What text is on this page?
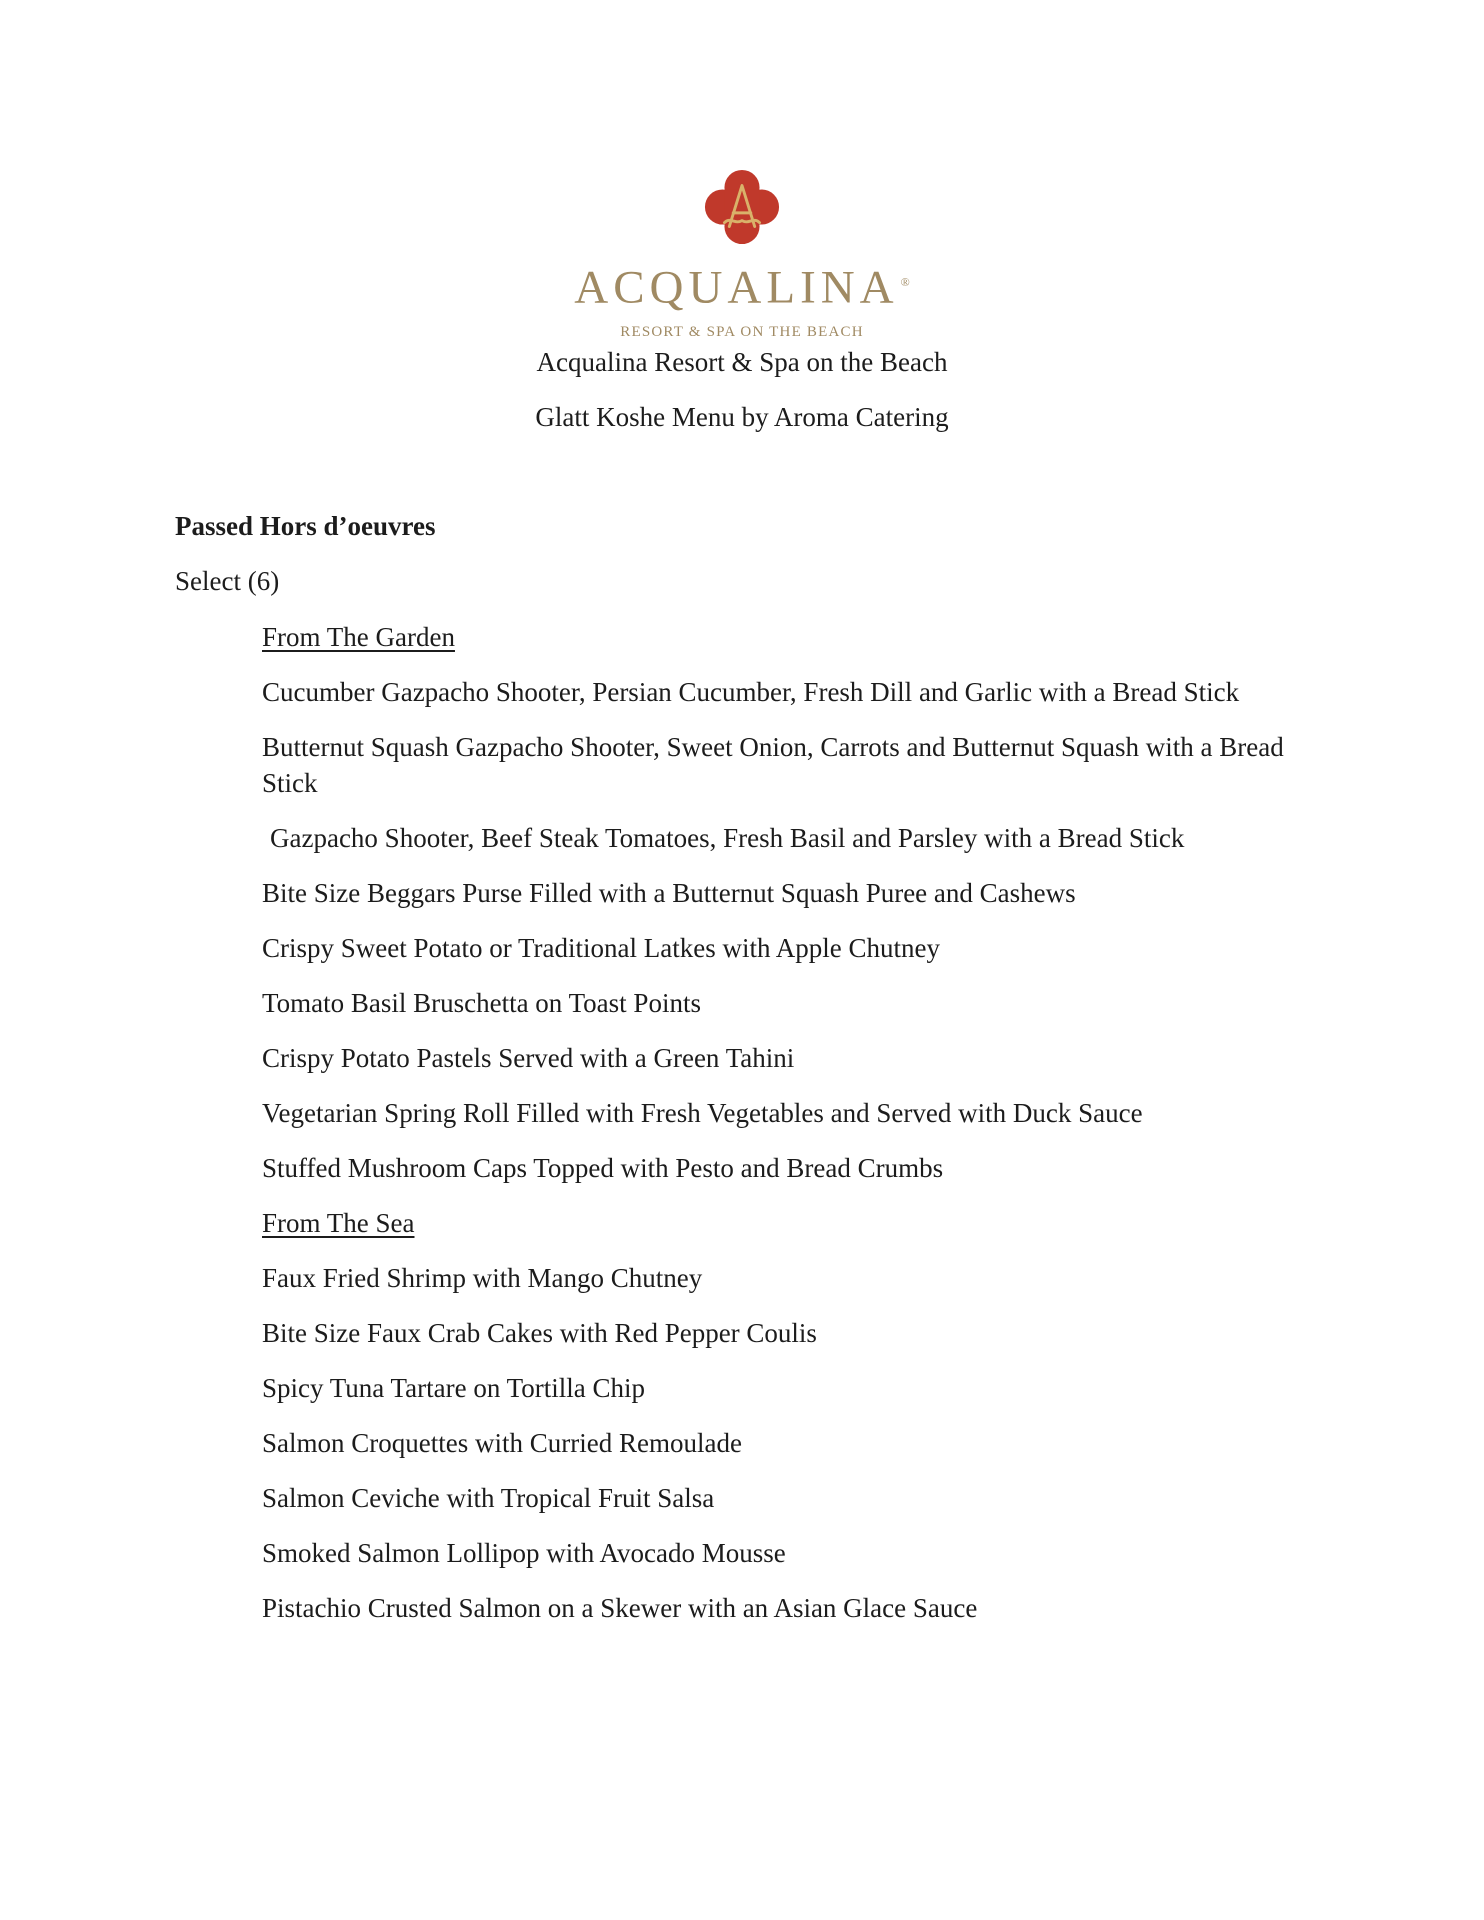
ACQUALINA ®
RESORT & SPA ON THE BEACH
Acqualina Resort & Spa on the Beach
Glatt Koshe Menu by Aroma Catering
Passed Hors d’oeuvres
Select (6)
From The Garden
Cucumber Gazpacho Shooter, Persian Cucumber, Fresh Dill and Garlic with a Bread Stick
Butternut Squash Gazpacho Shooter, Sweet Onion, Carrots and Butternut Squash with a Bread Stick
Gazpacho Shooter, Beef Steak Tomatoes, Fresh Basil and Parsley with a Bread Stick
Bite Size Beggars Purse Filled with a Butternut Squash Puree and Cashews
Crispy Sweet Potato or Traditional Latkes with Apple Chutney
Tomato Basil Bruschetta on Toast Points
Crispy Potato Pastels Served with a Green Tahini
Vegetarian Spring Roll Filled with Fresh Vegetables and Served with Duck Sauce
Stuffed Mushroom Caps Topped with Pesto and Bread Crumbs
From The Sea
Faux Fried Shrimp with Mango Chutney
Bite Size Faux Crab Cakes with Red Pepper Coulis
Spicy Tuna Tartare on Tortilla Chip
Salmon Croquettes with Curried Remoulade
Salmon Ceviche with Tropical Fruit Salsa
Smoked Salmon Lollipop with Avocado Mousse
Pistachio Crusted Salmon on a Skewer with an Asian Glace Sauce
